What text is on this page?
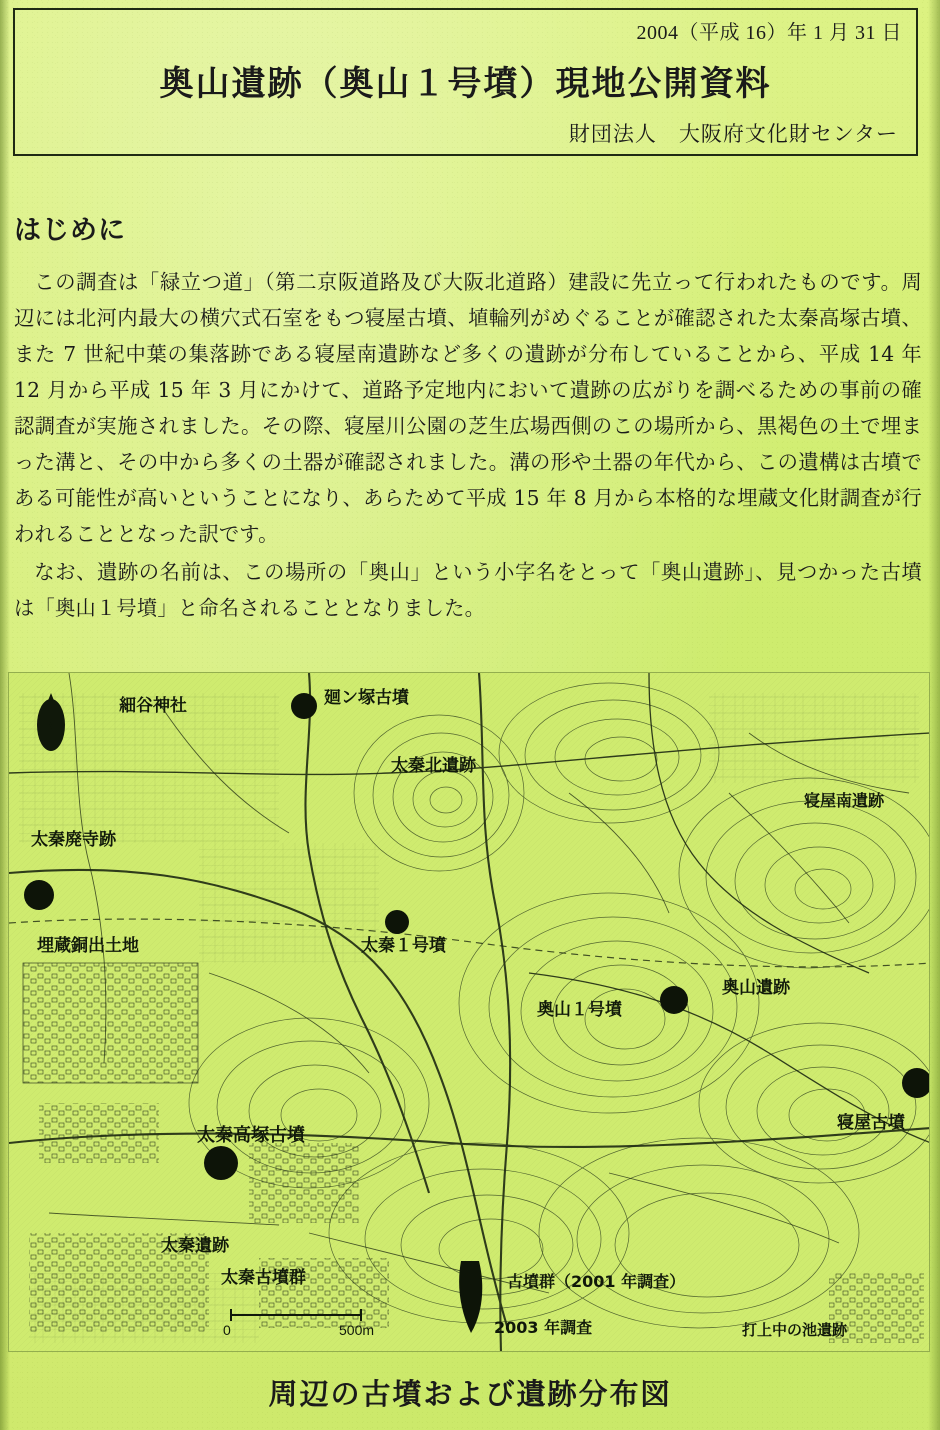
2004（平成 16）年 1 月 31 日
奥山遺跡（奥山１号墳）現地公開資料
財団法人　大阪府文化財センター
はじめに

この調査は「緑立つ道」（第二京阪道路及び大阪北道路）建設に先立って行われたものです。周辺には北河内最大の横穴式石室をもつ寝屋古墳、埴輪列がめぐることが確認された太秦高塚古墳、また 7 世紀中葉の集落跡である寝屋南遺跡など多くの遺跡が分布していることから、平成 14 年 12 月から平成 15 年 3 月にかけて、道路予定地内において遺跡の広がりを調べるための事前の確認調査が実施されました。その際、寝屋川公園の芝生広場西側のこの場所から、黒褐色の土で埋まった溝と、その中から多くの土器が確認されました。溝の形や土器の年代から、この遺構は古墳である可能性が高いということになり、あらためて平成 15 年 8 月から本格的な埋蔵文化財調査が行われることとなった訳です。

なお、遺跡の名前は、この場所の「奥山」という小字名をとって「奥山遺跡」、見つかった古墳は「奥山１号墳」と命名されることとなりました。

N
細谷神社	廻ン塚古墳
太秦北遺跡
寝屋南遺跡
太秦廃寺跡
埋蔵銅出土地	太秦１号墳
奥山遺跡
奥山１号墳
寝屋古墳
太秦高塚古墳
太秦遺跡
太秦古墳群	古墳群（2001 年調査）
2003 年調査	打上中の池遺跡
0	500m
周辺の古墳および遺跡分布図
